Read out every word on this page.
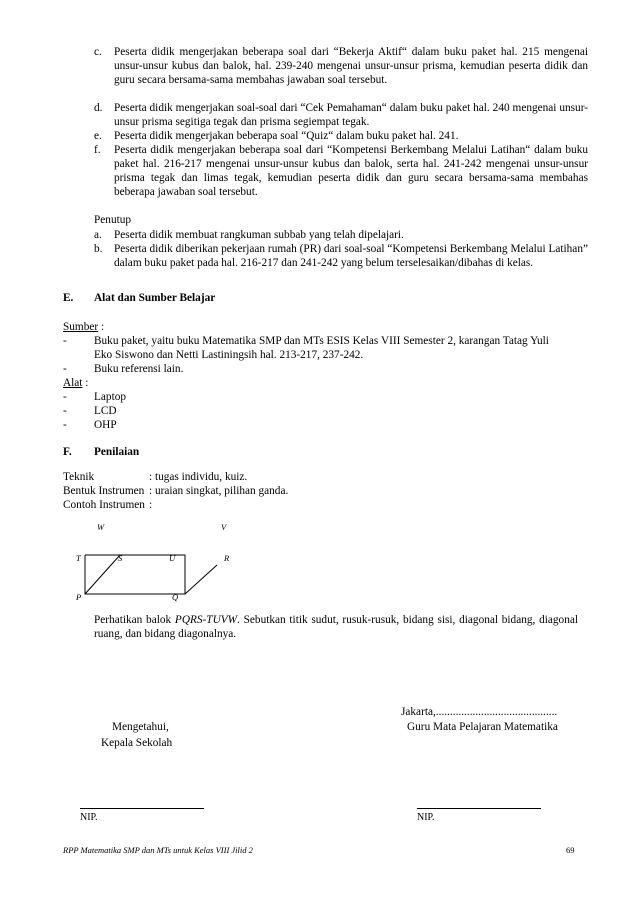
c. Peserta didik mengerjakan beberapa soal dari “Bekerja Aktif“ dalam buku paket hal. 215 mengenai unsur-unsur kubus dan balok, hal. 239-240 mengenai unsur-unsur prisma, kemudian peserta didik dan guru secara bersama-sama membahas jawaban soal tersebut.
d. Peserta didik mengerjakan soal-soal dari “Cek Pemahaman“ dalam buku paket hal. 240 mengenai unsur-unsur prisma segitiga tegak dan prisma segiempat tegak.
e. Peserta didik mengerjakan beberapa soal “Quiz“ dalam buku paket hal. 241.
f. Peserta didik mengerjakan beberapa soal dari “Kompetensi Berkembang Melalui Latihan“ dalam buku paket hal. 216-217 mengenai unsur-unsur kubus dan balok, serta hal. 241-242 mengenai unsur-unsur prisma tegak dan limas tegak, kemudian peserta didik dan guru secara bersama-sama membahas beberapa jawaban soal tersebut.
Penutup
a. Peserta didik membuat rangkuman subbab yang telah dipelajari.
b. Peserta didik diberikan pekerjaan rumah (PR) dari soal-soal “Kompetensi Berkembang Melalui Latihan” dalam buku paket pada hal. 216-217 dan 241-242 yang belum terselesaikan/dibahas di kelas.
E. Alat dan Sumber Belajar
Sumber :
- Buku paket, yaitu buku Matematika SMP dan MTs ESIS Kelas VIII Semester 2, karangan Tatag Yuli
Eko Siswono dan Netti Lastiningsih hal. 213-217, 237-242.
- Buku referensi lain.
Alat :
- Laptop
- LCD
- OHP
F. Penilaian
Teknik	: tugas individu, kuiz.
Bentuk Instrumen : uraian singkat, pilihan ganda.
Contoh Instrumen :
W	V
T	S	U	R
P	Q
Perhatikan balok PQRS-TUVW. Sebutkan titik sudut, rusuk-rusuk, bidang sisi, diagonal bidang, diagonal ruang, dan bidang diagonalnya.
Jakarta,...........................................
Mengetahui,	Guru Mata Pelajaran Matematika
Kepala Sekolah
NIP.	NIP.
RPP Matematika SMP dan MTs untuk Kelas VIII Jilid 2	69
